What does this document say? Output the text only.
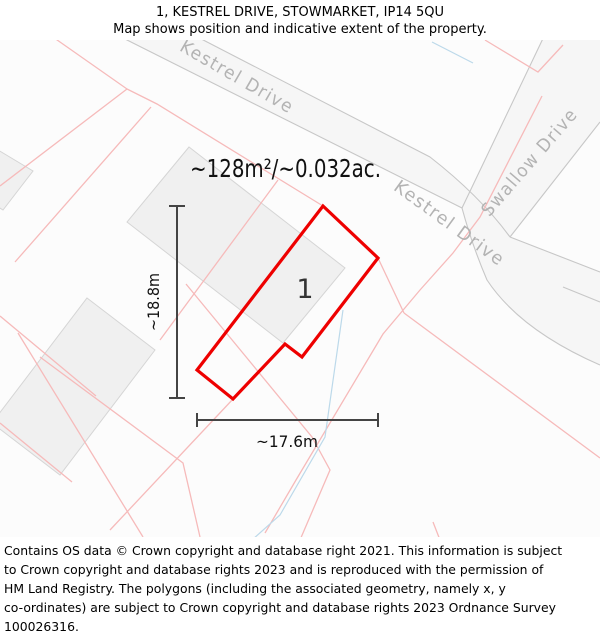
1, KESTREL DRIVE, STOWMARKET, IP14 5QU
Map shows position and indicative extent of the property.
Kestrel Drive
Kestrel Drive
Swallow Drive
1
~128m²/~0.032ac.
~18.8m
~17.6m
Contains OS data © Crown copyright and database right 2021. This information is subject
to Crown copyright and database rights 2023 and is reproduced with the permission of
HM Land Registry. The polygons (including the associated geometry, namely x, y
co-ordinates) are subject to Crown copyright and database rights 2023 Ordnance Survey
100026316.
